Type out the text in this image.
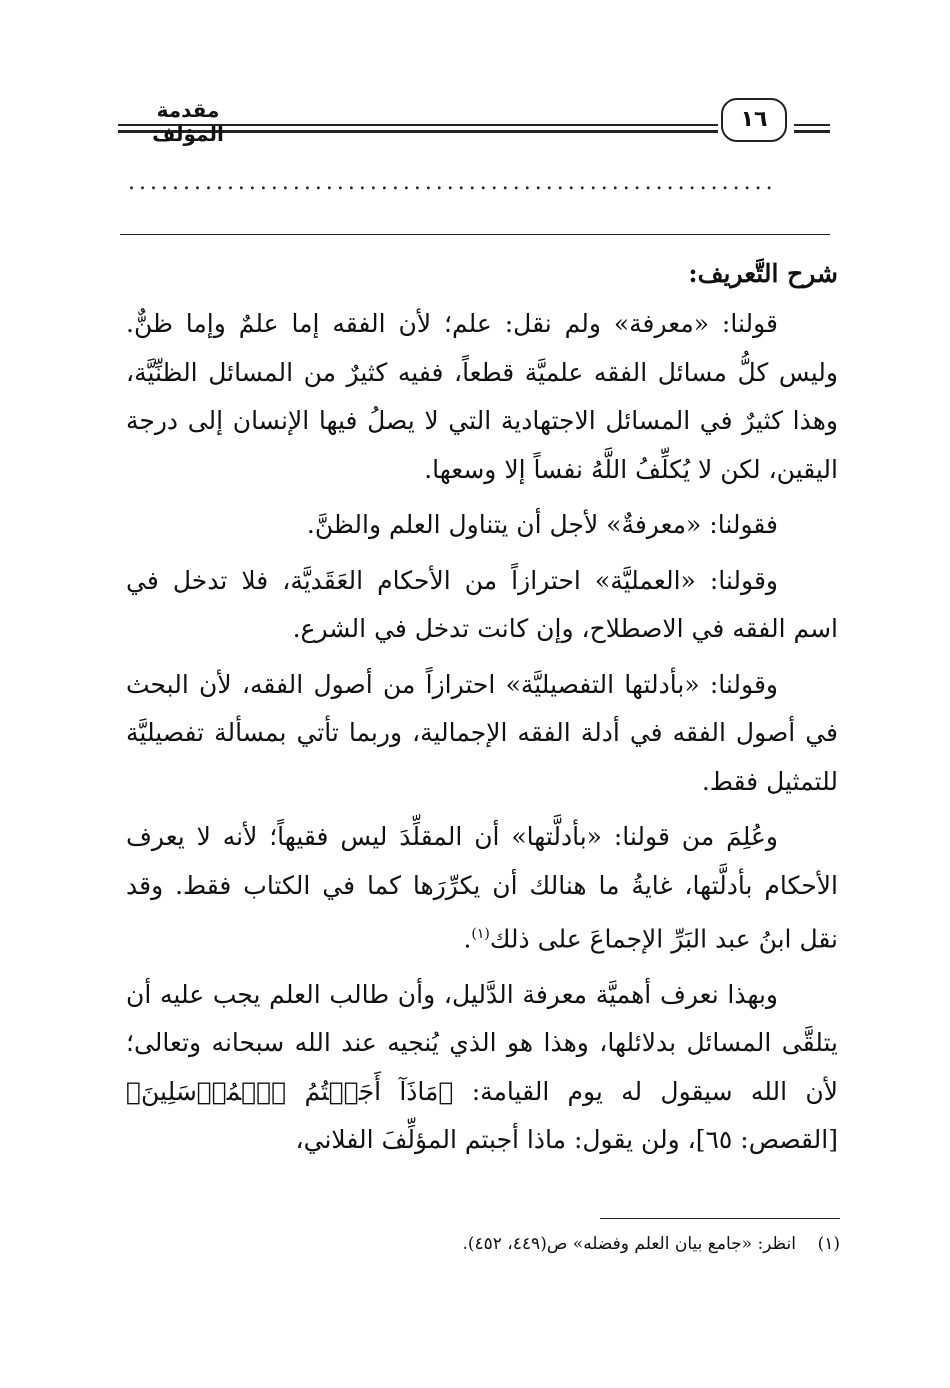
مقدمة المؤلف
١٦
...........................................................
شرح التَّعريف:

قولنا: «معرفة» ولم نقل: علم؛ لأن الفقه إما علمٌ وإما ظنٌّ. وليس كلُّ مسائل الفقه علميَّة قطعاً، ففيه كثيرٌ من المسائل الظنِّيَّة، وهذا كثيرٌ في المسائل الاجتهادية التي لا يصلُ فيها الإنسان إلى درجة اليقين، لكن لا يُكلِّفُ اللَّهُ نفساً إلا وسعها.

فقولنا: «معرفةٌ» لأجل أن يتناول العلم والظنَّ.

وقولنا: «العمليَّة» احترازاً من الأحكام العَقَديَّة، فلا تدخل في اسم الفقه في الاصطلاح، وإن كانت تدخل في الشرع.

وقولنا: «بأدلتها التفصيليَّة» احترازاً من أصول الفقه، لأن البحث في أصول الفقه في أدلة الفقه الإجمالية، وربما تأتي بمسألة تفصيليَّة للتمثيل فقط.

وعُلِمَ من قولنا: «بأدلَّتها» أن المقلِّدَ ليس فقيهاً؛ لأنه لا يعرف الأحكام بأدلَّتها، غايةُ ما هنالك أن يكرِّرَها كما في الكتاب فقط. وقد نقل ابنُ عبد البَرِّ الإجماعَ على ذلك$^{(١)}$.

وبهذا نعرف أهميَّة معرفة الدَّليل، وأن طالب العلم يجب عليه أن يتلقَّى المسائل بدلائلها، وهذا هو الذي يُنجيه عند الله سبحانه وتعالى؛ لأن الله سيقول له يوم القيامة: ﴿مَاذَآ أَجَبۡتُمُ ٱلۡمُرۡسَلِينَ﴾ [القصص: ٦٥]، ولن يقول: ماذا أجبتم المؤلِّفَ الفلاني،

(١)    انظر: «جامع بيان العلم وفضله» ص(٤٤٩، ٤٥٢).
